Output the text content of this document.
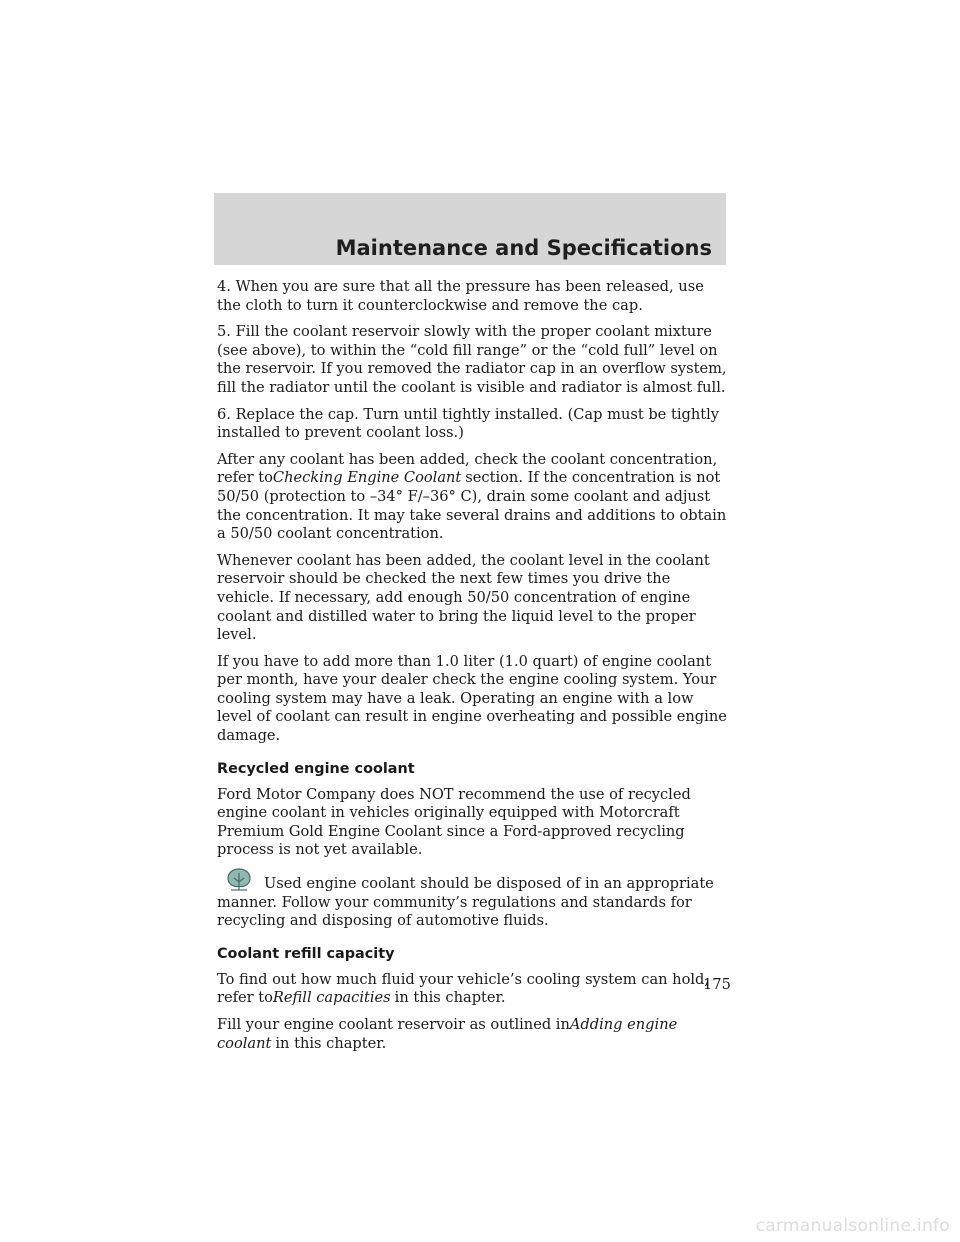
Maintenance and Specifications

4. When you are sure that all the pressure has been released, use the cloth to turn it counterclockwise and remove the cap.

5. Fill the coolant reservoir slowly with the proper coolant mixture (see above), to within the “cold fill range” or the “cold full” level on the reservoir. If you removed the radiator cap in an overflow system, fill the radiator until the coolant is visible and radiator is almost full.

6. Replace the cap. Turn until tightly installed. (Cap must be tightly installed to prevent coolant loss.)

After any coolant has been added, check the coolant concentration, refer toChecking Engine Coolant section. If the concentration is not 50/50 (protection to –34° F/–36° C), drain some coolant and adjust the concentration. It may take several drains and additions to obtain a 50/50 coolant concentration.

Whenever coolant has been added, the coolant level in the coolant reservoir should be checked the next few times you drive the vehicle. If necessary, add enough 50/50 concentration of engine coolant and distilled water to bring the liquid level to the proper level.

If you have to add more than 1.0 liter (1.0 quart) of engine coolant per month, have your dealer check the engine cooling system. Your cooling system may have a leak. Operating an engine with a low level of coolant can result in engine overheating and possible engine damage.

Recycled engine coolant

Ford Motor Company does NOT recommend the use of recycled engine coolant in vehicles originally equipped with Motorcraft Premium Gold Engine Coolant since a Ford-approved recycling process is not yet available.

Used engine coolant should be disposed of in an appropriate manner. Follow your community’s regulations and standards for recycling and disposing of automotive fluids.

Coolant refill capacity

To find out how much fluid your vehicle’s cooling system can hold, refer toRefill capacities in this chapter.

Fill your engine coolant reservoir as outlined inAdding engine coolant in this chapter.

175
carmanualsonline.info
